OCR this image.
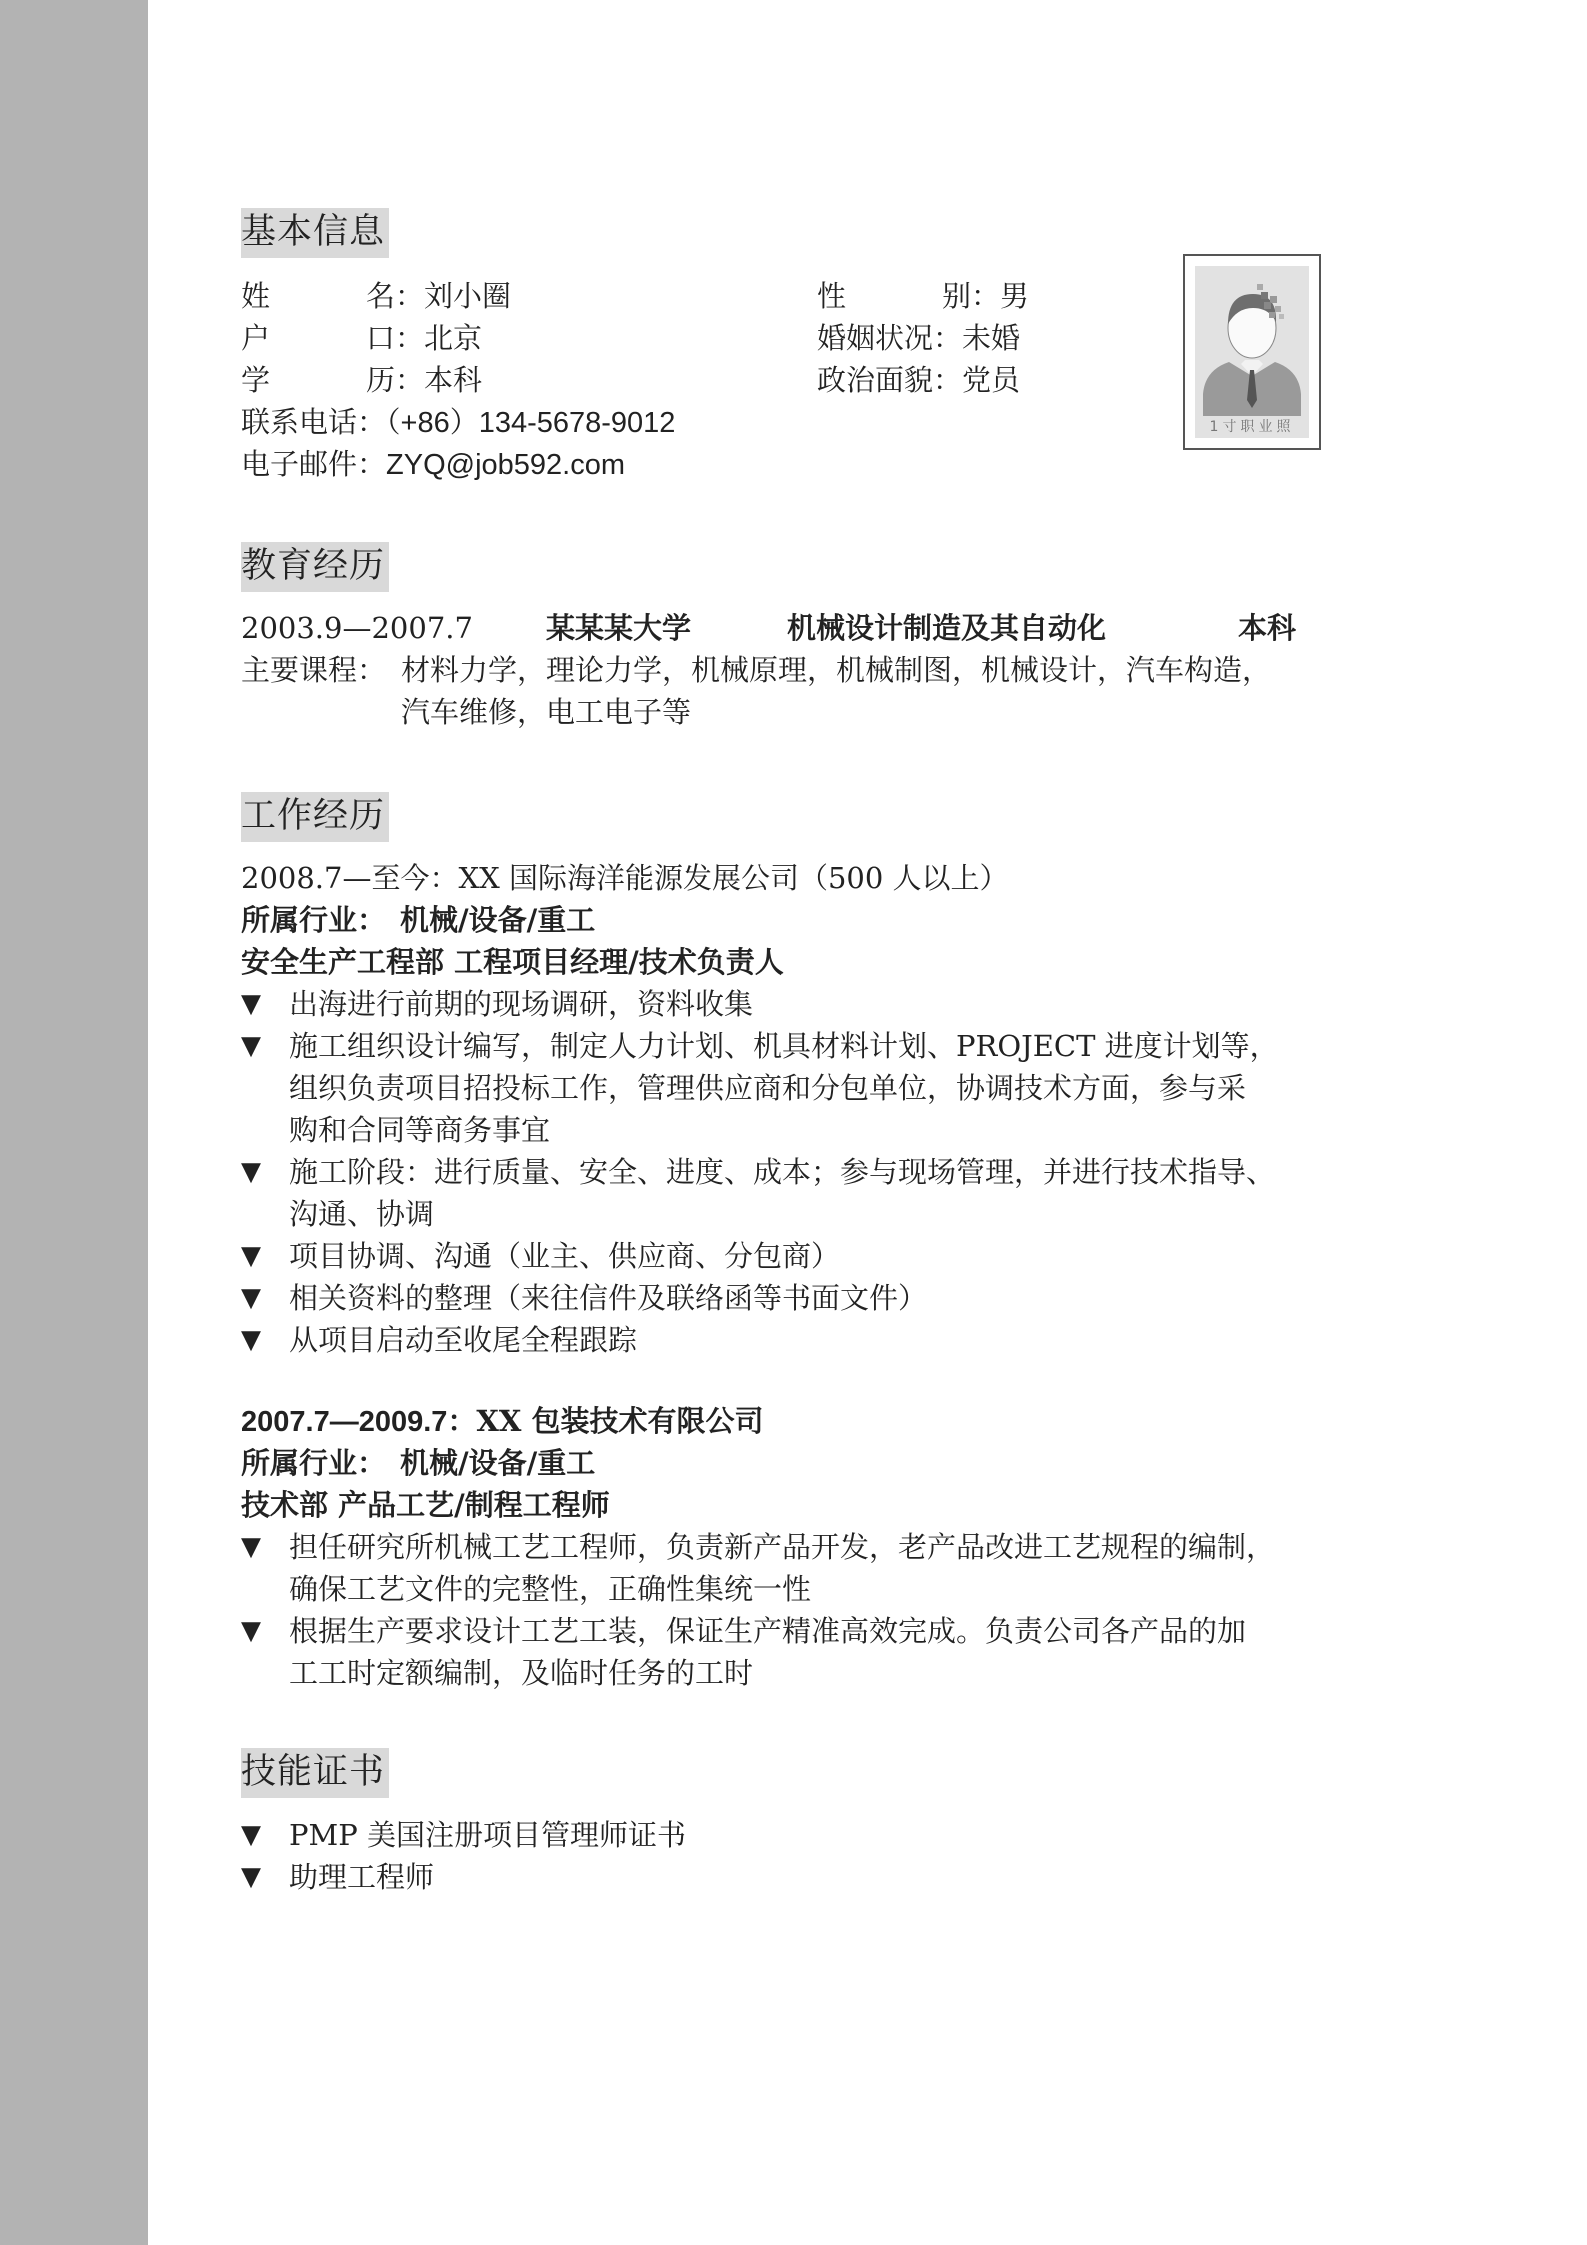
基本信息
姓	名：刘小圈	性	别：男
户	口：北京	婚姻状况：未婚
学	历：本科	政治面貌：党员
联系电话：（+86）134-5678-9012
电子邮件：ZYQ@job592.com
1寸职业照
教育经历
2003.9—2007.7	某某某大学	机械设计制造及其自动化	本科
主要课程： 材料力学，理论力学，机械原理，机械制图，机械设计，汽车构造，
汽车维修，电工电子等
工作经历
2008.7—至今：XX 国际海洋能源发展公司（500 人以上）
所属行业： 机械/设备/重工
安全生产工程部 工程项目经理/技术负责人
▼ 出海进行前期的现场调研，资料收集
▼ 施工组织设计编写，制定人力计划、机具材料计划、PROJECT 进度计划等，
组织负责项目招投标工作，管理供应商和分包单位，协调技术方面，参与采
购和合同等商务事宜
▼ 施工阶段：进行质量、安全、进度、成本；参与现场管理，并进行技术指导、
沟通、协调
▼ 项目协调、沟通（业主、供应商、分包商）
▼ 相关资料的整理（来往信件及联络函等书面文件）
▼ 从项目启动至收尾全程跟踪
2007.7—2009.7：XX 包装技术有限公司
所属行业： 机械/设备/重工
技术部 产品工艺/制程工程师
▼ 担任研究所机械工艺工程师，负责新产品开发，老产品改进工艺规程的编制，
确保工艺文件的完整性，正确性集统一性
▼ 根据生产要求设计工艺工装，保证生产精准高效完成。负责公司各产品的加
工工时定额编制，及临时任务的工时
技能证书
▼ PMP 美国注册项目管理师证书
▼ 助理工程师
